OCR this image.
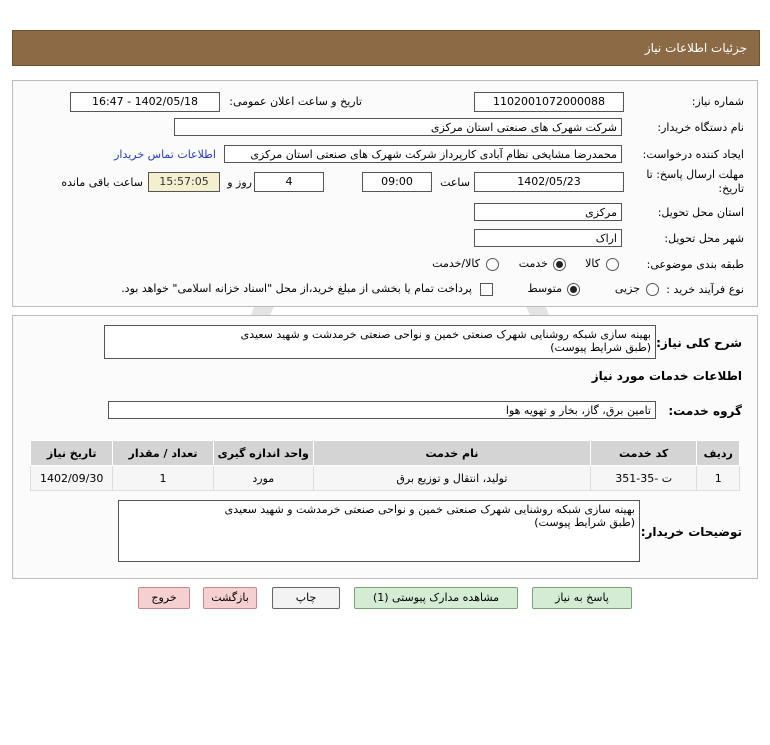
جزئیات اطلاعات نیاز
شماره نیاز:
1102001072000088
تاریخ و ساعت اعلان عمومی:
1402/05/18 - 16:47
نام دستگاه خریدار:
شرکت شهرک های صنعتی استان مرکزی
ایجاد کننده درخواست:
محمدرضا مشایخی نظام آبادی کارپرداز شرکت شهرک های صنعتی استان مرکزی
اطلاعات تماس خریدار
مهلت ارسال پاسخ: تا
تاریخ:
1402/05/23
ساعت
09:00
4
روز و
15:57:05
ساعت باقی مانده
استان محل تحویل:
مرکزی
شهر محل تحویل:
اراک
طبقه بندی موضوعی:
کالا
خدمت
کالا/خدمت
نوع فرآیند خرید :
جزیی
متوسط
پرداخت تمام یا بخشی از مبلغ خرید،از محل "اسناد خزانه اسلامی" خواهد بود.
شرح کلی نیاز:
بهینه سازی شبکه روشنایی شهرک صنعتی خمین و نواحی صنعتی خرمدشت و شهید سعیدی
(طبق شرایط پیوست)
اطلاعات خدمات مورد نیاز
گروه خدمت:
تامین برق، گاز، بخار و تهویه هوا
ردیف	کد خدمت	نام خدمت	واحد اندازه گیری	تعداد / مقدار	تاریخ نیاز
1	ت -35-351	تولید، انتقال و توزیع برق	مورد	1	1402/09/30
توضیحات خریدار:
بهینه سازی شبکه روشنایی شهرک صنعتی خمین و نواحی صنعتی خرمدشت و شهید سعیدی
(طبق شرایط پیوست)
پاسخ به نیاز
مشاهده مدارک پیوستی (1)
چاپ
بازگشت
خروج
